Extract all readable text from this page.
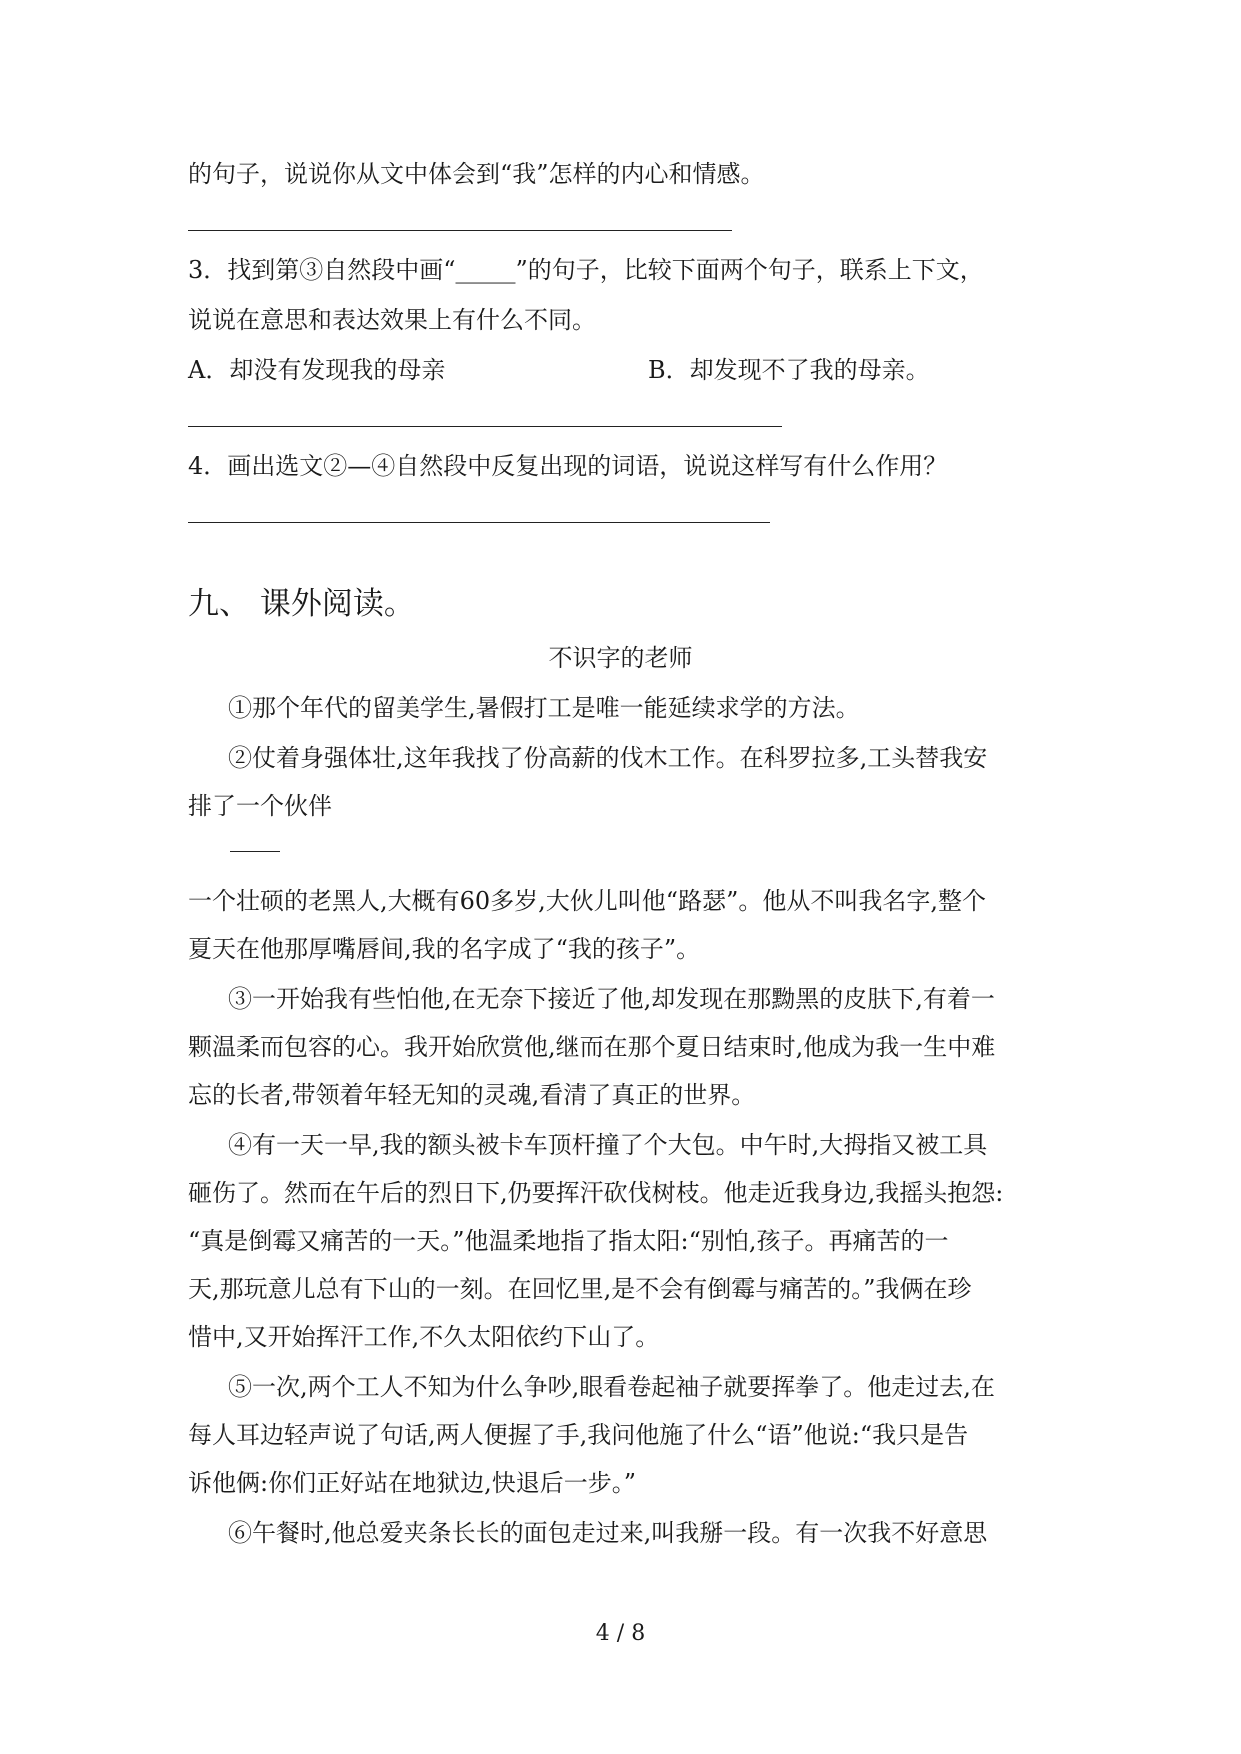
的句子，说说你从文中体会到“我”怎样的内心和情感。
3．找到第③自然段中画“_____”的句子，比较下面两个句子，联系上下文，
说说在意思和表达效果上有什么不同。
A．却没有发现我的母亲	B．却发现不了我的母亲。
4．画出选文②—④自然段中反复出现的词语，说说这样写有什么作用？
九、 课外阅读。
不识字的老师
①那个年代的留美学生,暑假打工是唯一能延续求学的方法。
②仗着身强体壮,这年我找了份高薪的伐木工作。在科罗拉多,工头替我安
排了一个伙伴
一个壮硕的老黑人,大概有60多岁,大伙儿叫他“路瑟”。他从不叫我名字,整个
夏天在他那厚嘴唇间,我的名字成了“我的孩子”。
③一开始我有些怕他,在无奈下接近了他,却发现在那黝黑的皮肤下,有着一
颗温柔而包容的心。我开始欣赏他,继而在那个夏日结束时,他成为我一生中难
忘的长者,带领着年轻无知的灵魂,看清了真正的世界。
④有一天一早,我的额头被卡车顶杆撞了个大包。中午时,大拇指又被工具
砸伤了。然而在午后的烈日下,仍要挥汗砍伐树枝。他走近我身边,我摇头抱怨:
“真是倒霉又痛苦的一天。”他温柔地指了指太阳:“别怕,孩子。再痛苦的一
天,那玩意儿总有下山的一刻。在回忆里,是不会有倒霉与痛苦的。”我俩在珍
惜中,又开始挥汗工作,不久太阳依约下山了。
⑤一次,两个工人不知为什么争吵,眼看卷起袖子就要挥拳了。他走过去,在
每人耳边轻声说了句话,两人便握了手,我问他施了什么“语”他说:“我只是告
诉他俩:你们正好站在地狱边,快退后一步。”
⑥午餐时,他总爱夹条长长的面包走过来,叫我掰一段。有一次我不好意思
4 / 8
